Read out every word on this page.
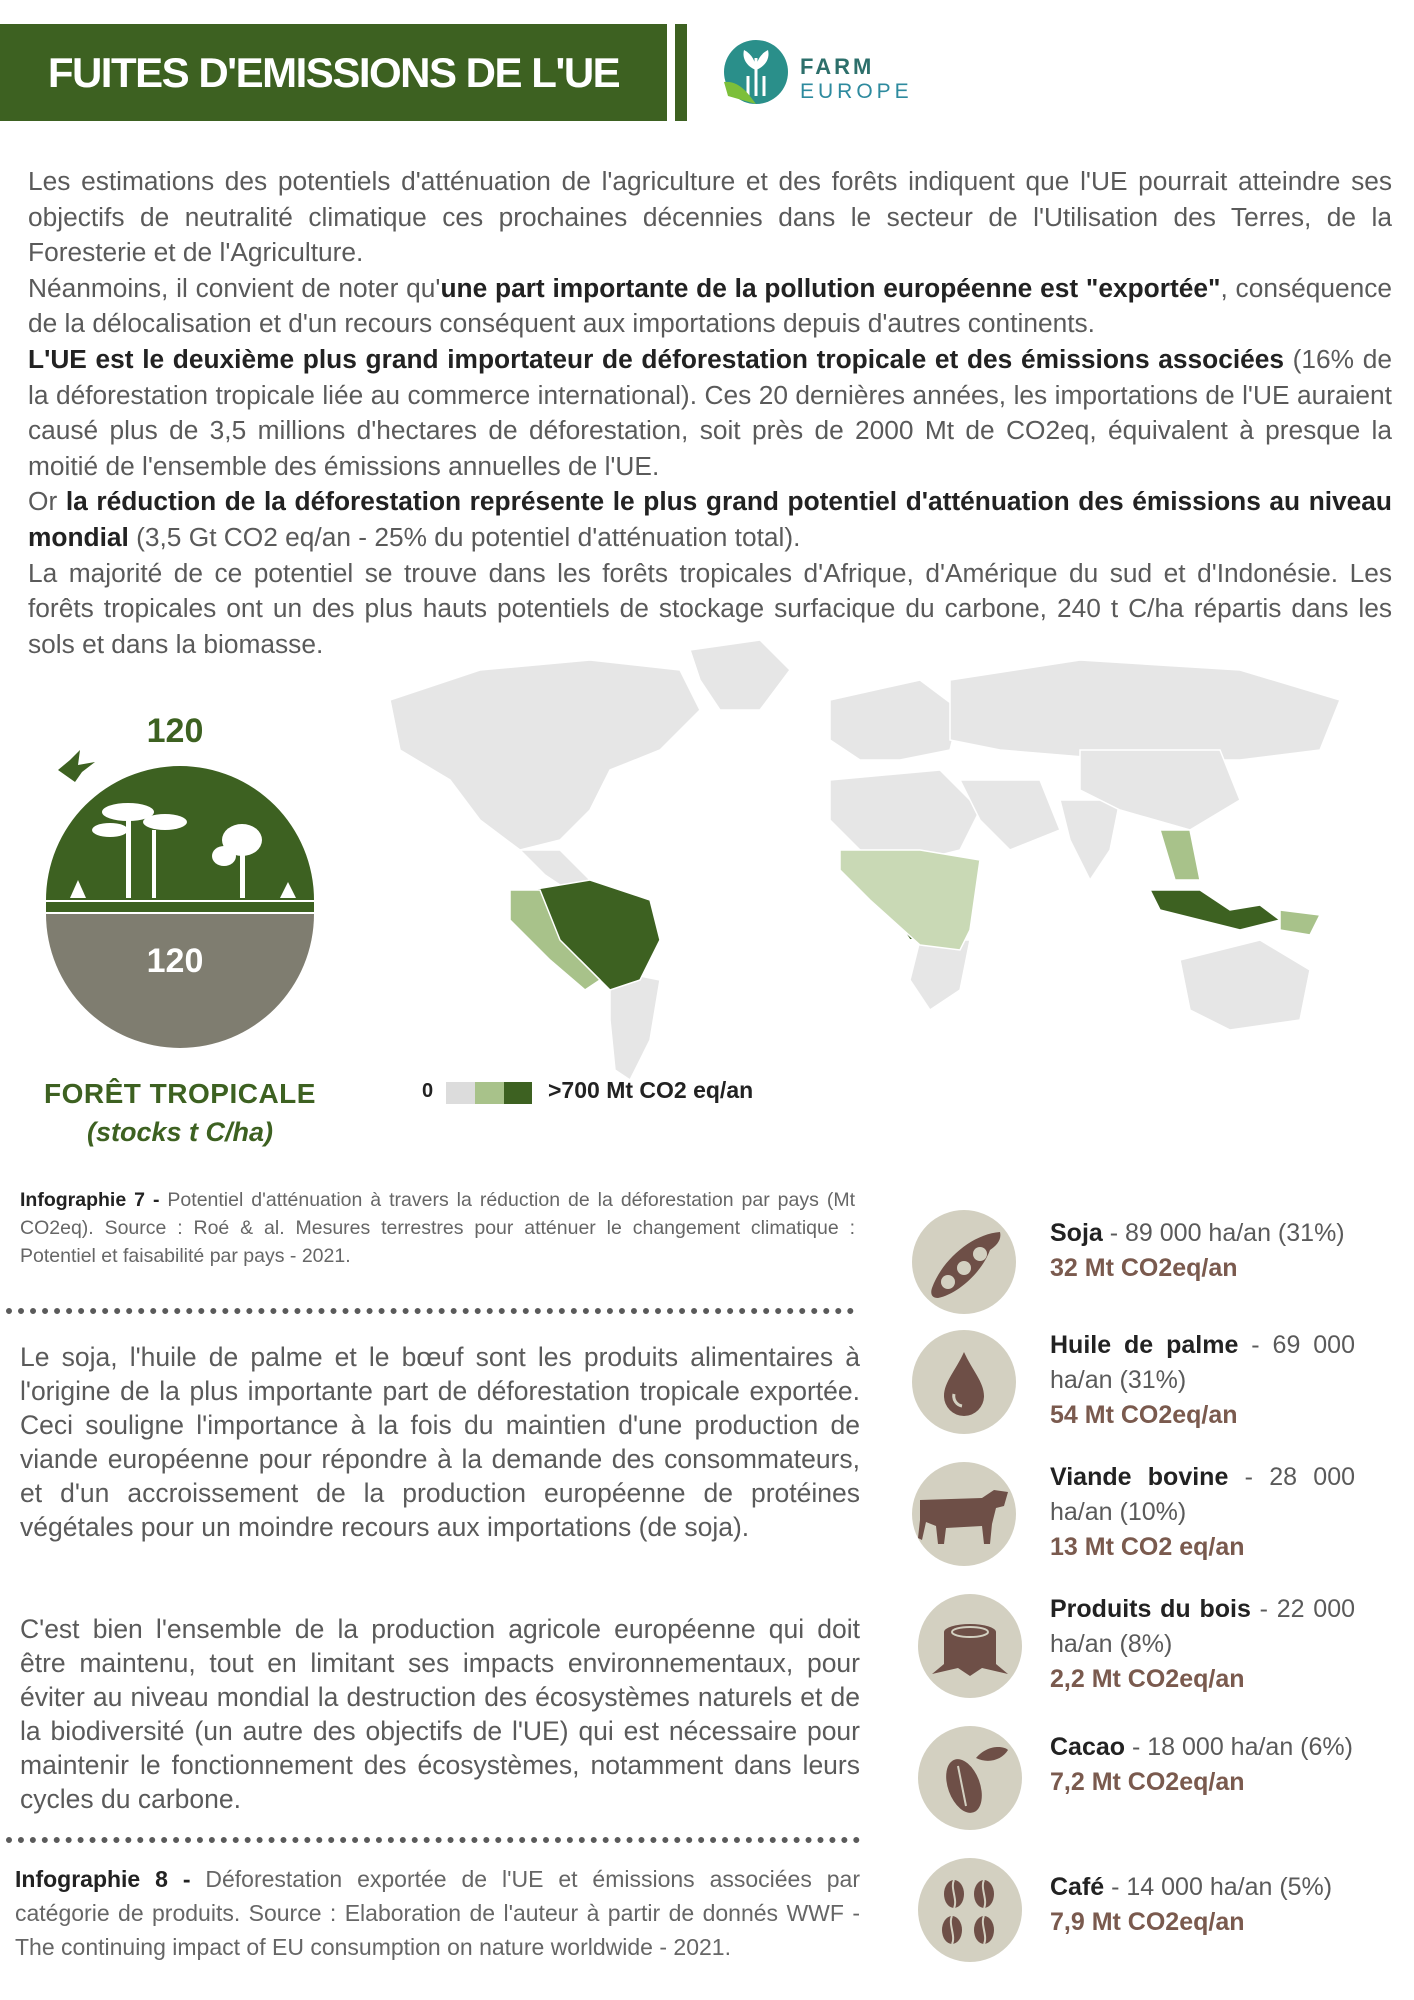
FUITES D'EMISSIONS DE L'UE	FARM
EUROPE

Les estimations des potentiels d'atténuation de l'agriculture et des forêts indiquent que l'UE pourrait atteindre ses objectifs de neutralité climatique ces prochaines décennies dans le secteur de l'Utilisation des Terres, de la Foresterie et de l'Agriculture.

Néanmoins, il convient de noter qu'une part importante de la pollution européenne est "exportée", conséquence de la délocalisation et d'un recours conséquent aux importations depuis d'autres continents.

L'UE est le deuxième plus grand importateur de déforestation tropicale et des émissions associées (16% de la déforestation tropicale liée au commerce international). Ces 20 dernières années, les importations de l'UE auraient causé plus de 3,5 millions d'hectares de déforestation, soit près de 2000 Mt de CO2eq, équivalent à presque la moitié de l'ensemble des émissions annuelles de l'UE.

Or la réduction de la déforestation représente le plus grand potentiel d'atténuation des émissions au niveau mondial (3,5 Gt CO2 eq/an - 25% du potentiel d'atténuation total).

La majorité de ce potentiel se trouve dans les forêts tropicales d'Afrique, d'Amérique du sud et d'Indonésie. Les forêts tropicales ont un des plus hauts potentiels de stockage surfacique du carbone, 240 t C/ha répartis dans les sols et dans la biomasse.

120
120
FORÊT TROPICALE
(stocks t C/ha)
0	>700 Mt CO2 eq/an
Infographie 7 - Potentiel d'atténuation à travers la réduction de la déforestation par pays (Mt CO2eq). Source : Roé & al. Mesures terrestres pour atténuer le changement climatique : Potentiel et faisabilité par pays - 2021.
Le soja, l'huile de palme et le bœuf sont les produits alimentaires à l'origine de la plus importante part de déforestation tropicale exportée. Ceci souligne l'importance à la fois du maintien d'une production de viande européenne pour répondre à la demande des consommateurs, et d'un accroissement de la production européenne de protéines végétales pour un moindre recours aux importations (de soja).
C'est bien l'ensemble de la production agricole européenne qui doit être maintenu, tout en limitant ses impacts environnementaux, pour éviter au niveau mondial la destruction des écosystèmes naturels et de la biodiversité (un autre des objectifs de l'UE) qui est nécessaire pour maintenir le fonctionnement des écosystèmes, notamment dans leurs cycles du carbone.
Infographie 8 - Déforestation exportée de l'UE et émissions associées par catégorie de produits. Source : Elaboration de l'auteur à partir de donnés WWF - The continuing impact of EU consumption on nature worldwide - 2021.
Soja - 89 000 ha/an (31%)
32 Mt CO2eq/an
Huile de palme - 69 000 ha/an (31%)
54 Mt CO2eq/an
Viande bovine - 28 000 ha/an (10%)
13 Mt CO2 eq/an
Produits du bois - 22 000 ha/an (8%)
2,2 Mt CO2eq/an
Cacao - 18 000 ha/an (6%)
7,2 Mt CO2eq/an
Café - 14 000 ha/an (5%)
7,9 Mt CO2eq/an
